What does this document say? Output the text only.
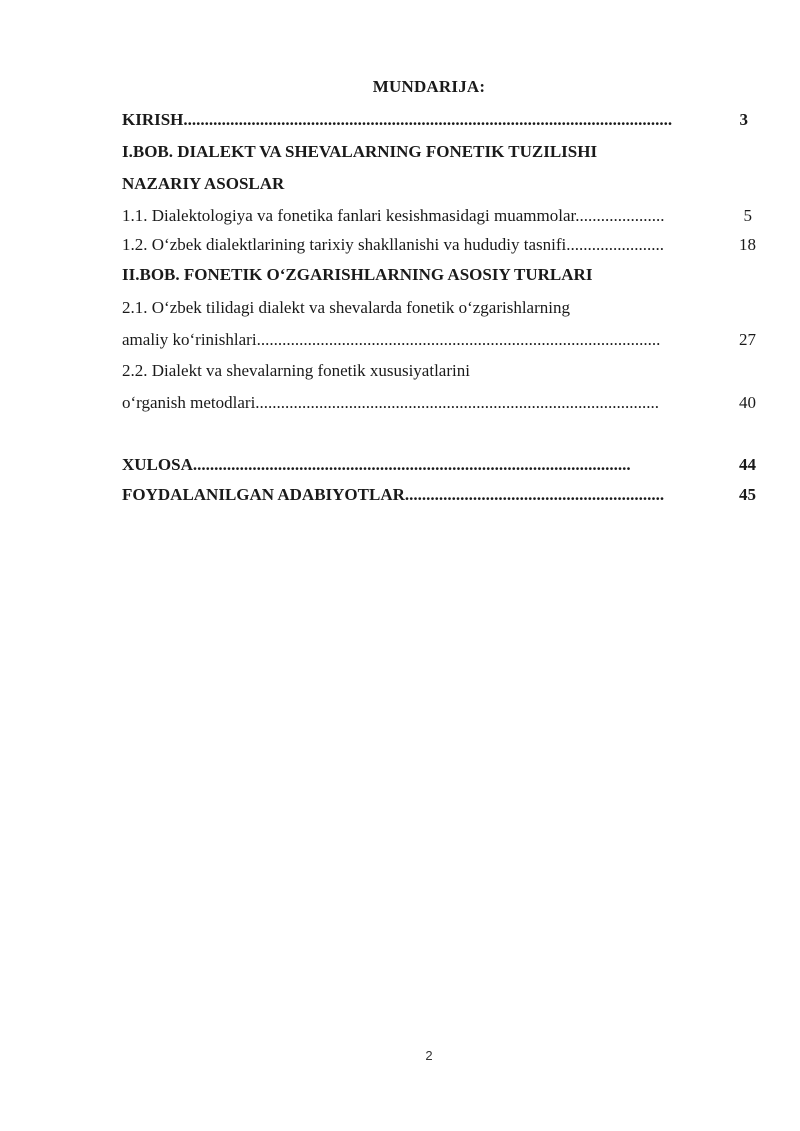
MUNDARIJA:
KIRISH...................................................................................................................	3
I.BOB. DIALEKT VA SHEVALARNING FONETIK TUZILISHI
NAZARIY ASOSLAR
1.1. Dialektologiya va fonetika fanlari kesishmasidagi muammolar.....................	5
1.2. O‘zbek dialektlarining tarixiy shakllanishi va hududiy tasnifi.......................	18
II.BOB. FONETIK O‘ZGARISHLARNING ASOSIY TURLARI
2.1. O‘zbek tilidagi dialekt va shevalarda fonetik o‘zgarishlarning
amaliy ko‘rinishlari...............................................................................................	27
2.2. Dialekt va shevalarning fonetik xususiyatlarini
o‘rganish metodlari...............................................................................................	40
XULOSA.......................................................................................................	44
FOYDALANILGAN ADABIYOTLAR.............................................................	45
2
